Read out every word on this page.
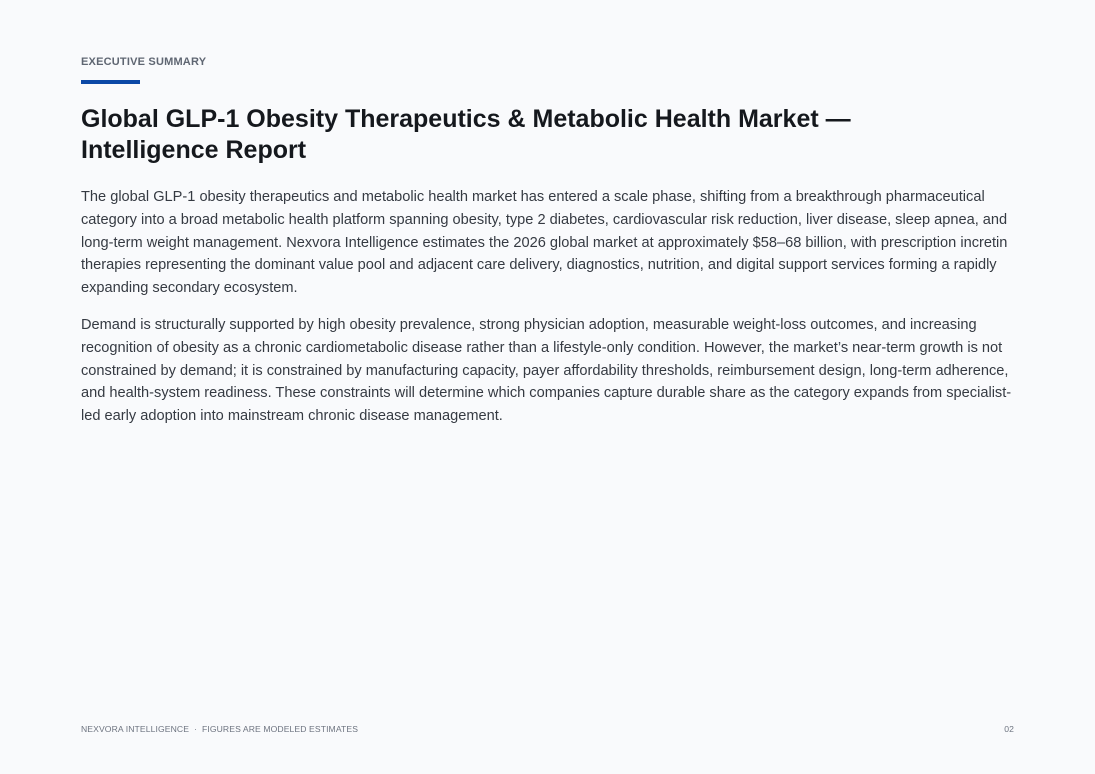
EXECUTIVE SUMMARY
Global GLP-1 Obesity Therapeutics & Metabolic Health Market — Intelligence Report

The global GLP-1 obesity therapeutics and metabolic health market has entered a scale phase, shifting from a breakthrough pharmaceutical category into a broad metabolic health platform spanning obesity, type 2 diabetes, cardiovascular risk reduction, liver disease, sleep apnea, and long-term weight management. Nexvora Intelligence estimates the 2026 global market at approximately $58–68 billion, with prescription incretin therapies representing the dominant value pool and adjacent care delivery, diagnostics, nutrition, and digital support services forming a rapidly expanding secondary ecosystem.

Demand is structurally supported by high obesity prevalence, strong physician adoption, measurable weight-loss outcomes, and increasing recognition of obesity as a chronic cardiometabolic disease rather than a lifestyle-only condition. However, the market’s near-term growth is not constrained by demand; it is constrained by manufacturing capacity, payer affordability thresholds, reimbursement design, long-term adherence, and health-system readiness. These constraints will determine which companies capture durable share as the category expands from specialist-led early adoption into mainstream chronic disease management.

NEXVORA INTELLIGENCE · FIGURES ARE MODELED ESTIMATES	02
